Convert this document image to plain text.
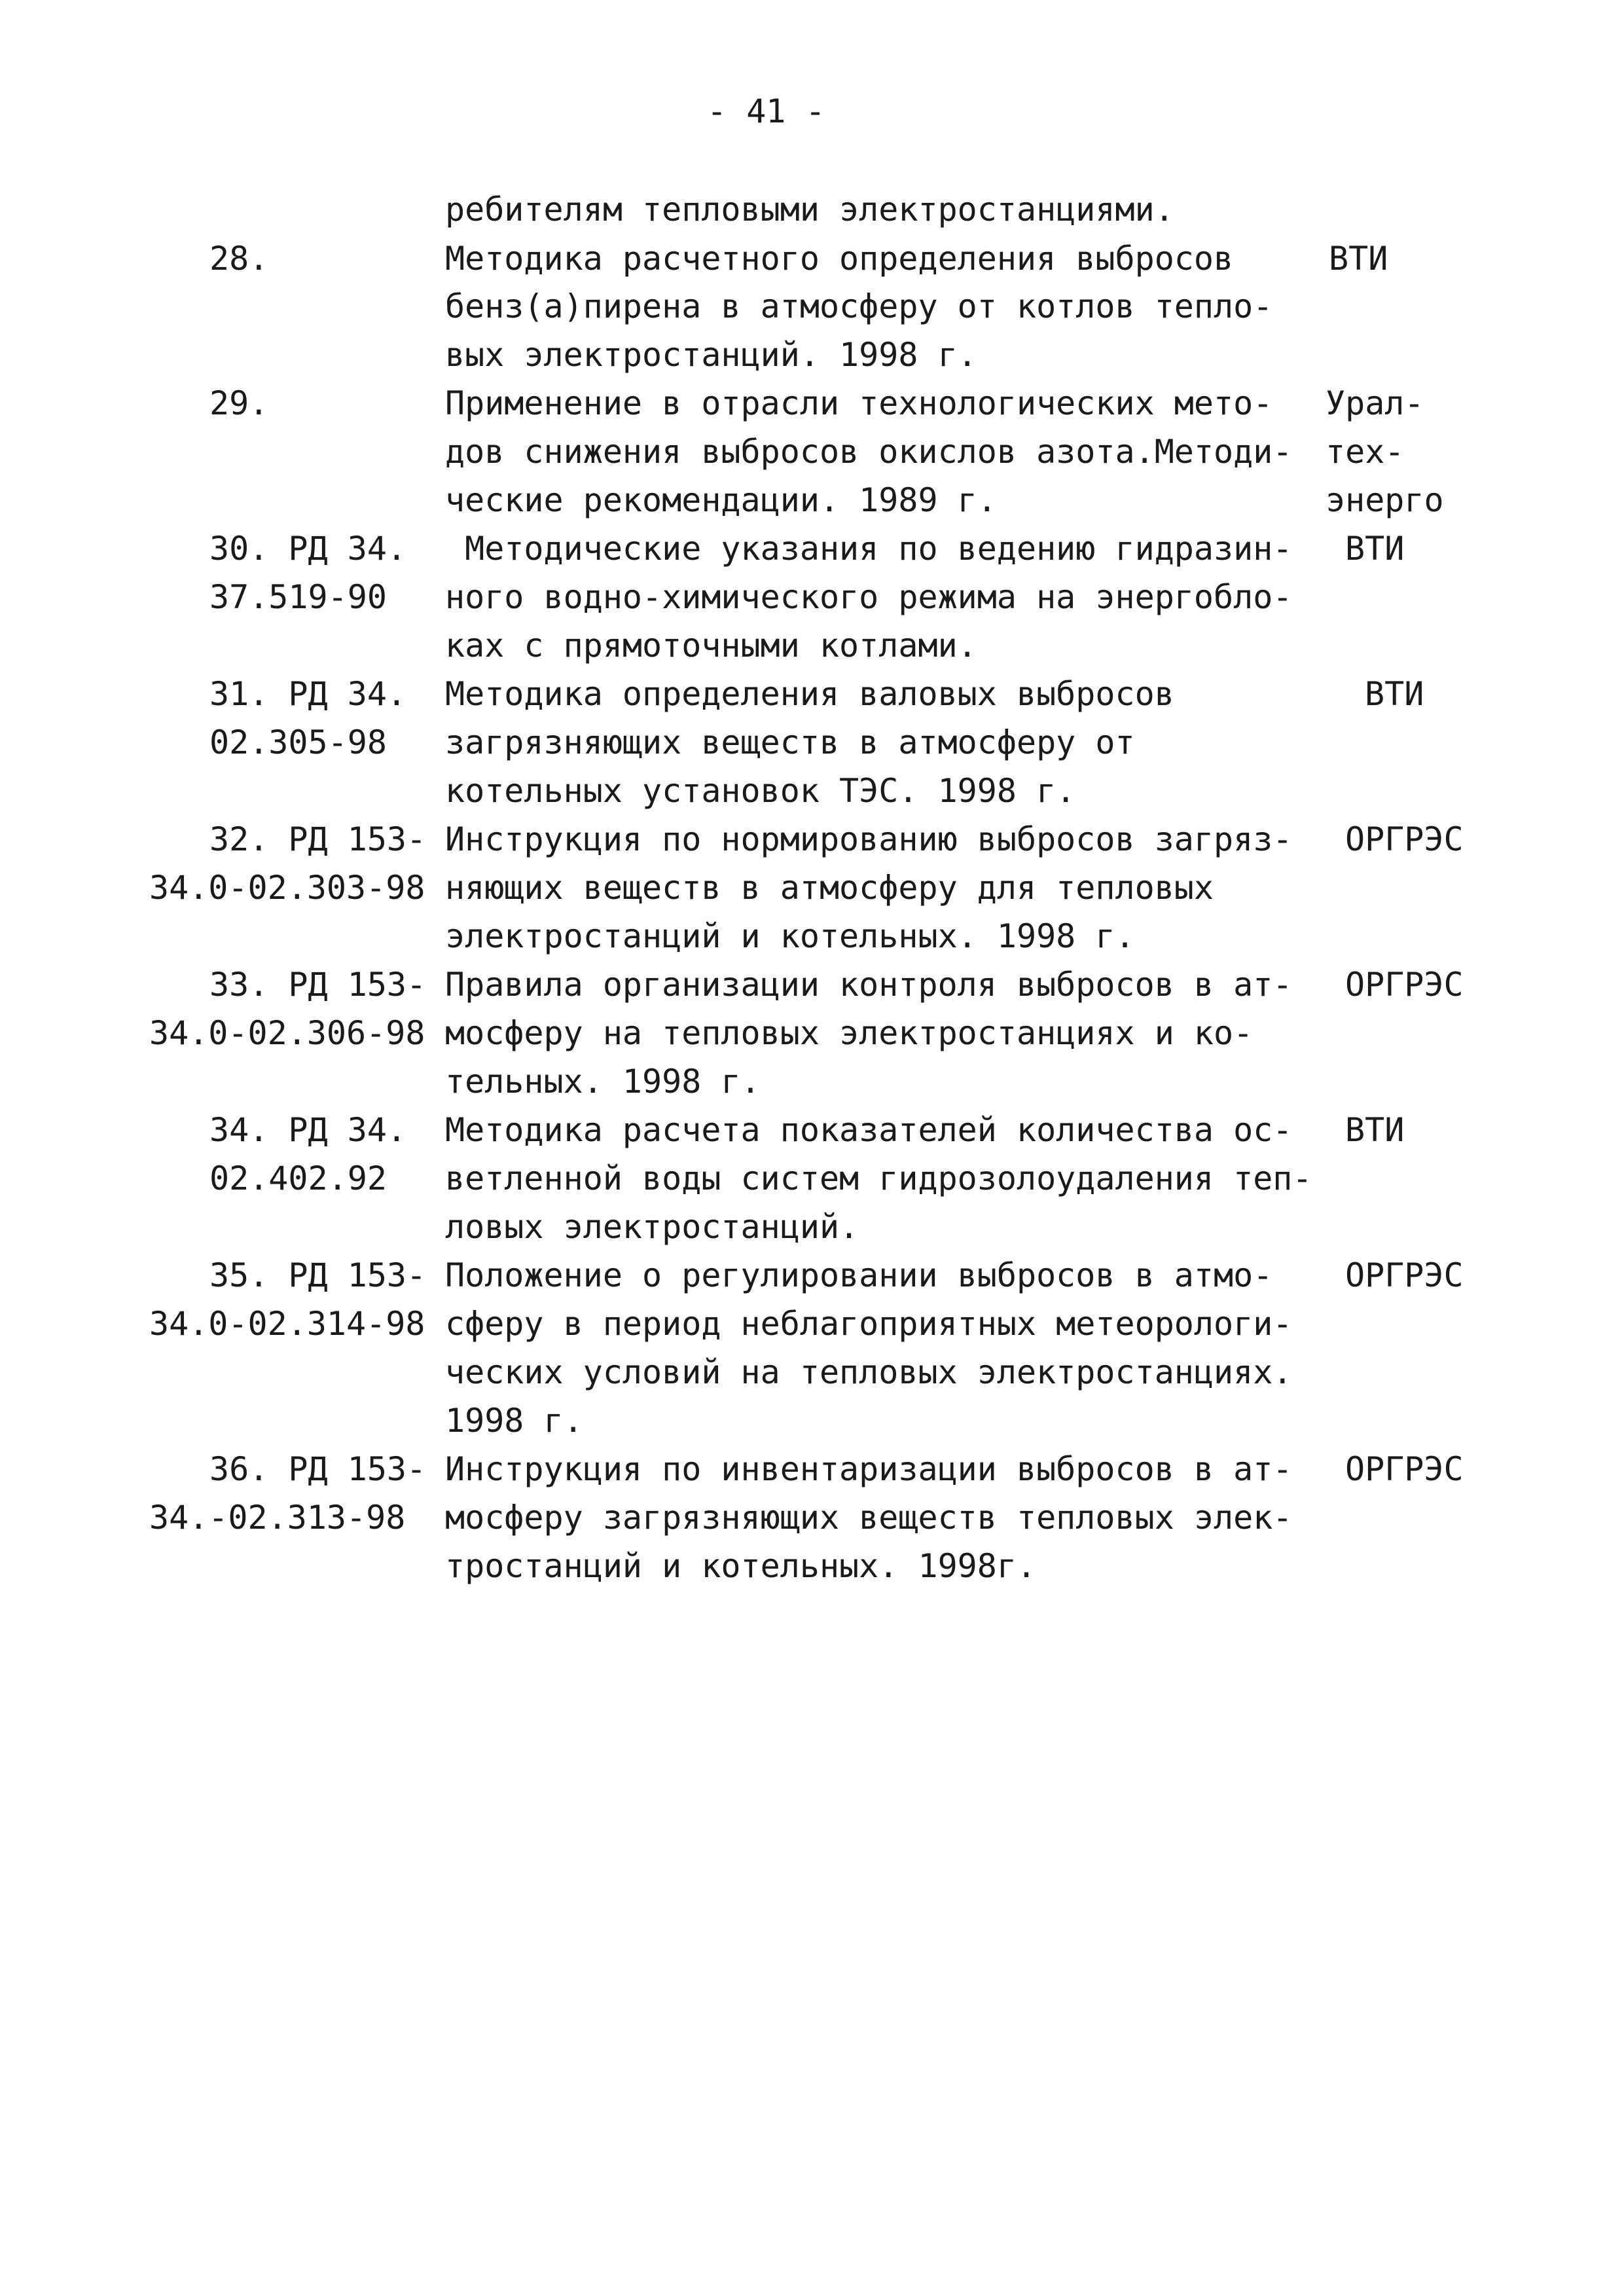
- 41 -
ребителям тепловыми электростанциями.
28.	Методика расчетного определения выбросов
бенз(а)пирена в атмосферу от котлов тепло-
вых электростанций. 1998 г.
ВТИ
29.	Применение в отрасли технологических мето-
дов снижения выбросов окислов азота.Методи-
ческие рекомендации. 1989 г.
Урал-
тех-
энерго
30. РД 34.
37.519-90
Методические указания по ведению гидразин-
ного водно-химического режима на энергобло-
ках с прямоточными котлами.
ВТИ
31. РД 34.
02.305-98
Методика определения валовых выбросов
загрязняющих веществ в атмосферу от
котельных установок ТЭС. 1998 г.
ВТИ
32. РД 153-
34.0-02.303-98
Инструкция по нормированию выбросов загряз-
няющих веществ в атмосферу для тепловых
электростанций и котельных. 1998 г.
ОРГРЭС
33. РД 153-
34.0-02.306-98
Правила организации контроля выбросов в ат-
мосферу на тепловых электростанциях и ко-
тельных. 1998 г.
ОРГРЭС
34. РД 34.
02.402.92
Методика расчета показателей количества ос-
ветленной воды систем гидрозолоудаления теп-
ловых электростанций.
ВТИ
35. РД 153-
34.0-02.314-98
Положение о регулировании выбросов в атмо-
сферу в период неблагоприятных метеорологи-
ческих условий на тепловых электростанциях.
1998 г.
ОРГРЭС
36. РД 153-
34.-02.313-98
Инструкция по инвентаризации выбросов в ат-
мосферу загрязняющих веществ тепловых элек-
тростанций и котельных. 1998г.
ОРГРЭС
